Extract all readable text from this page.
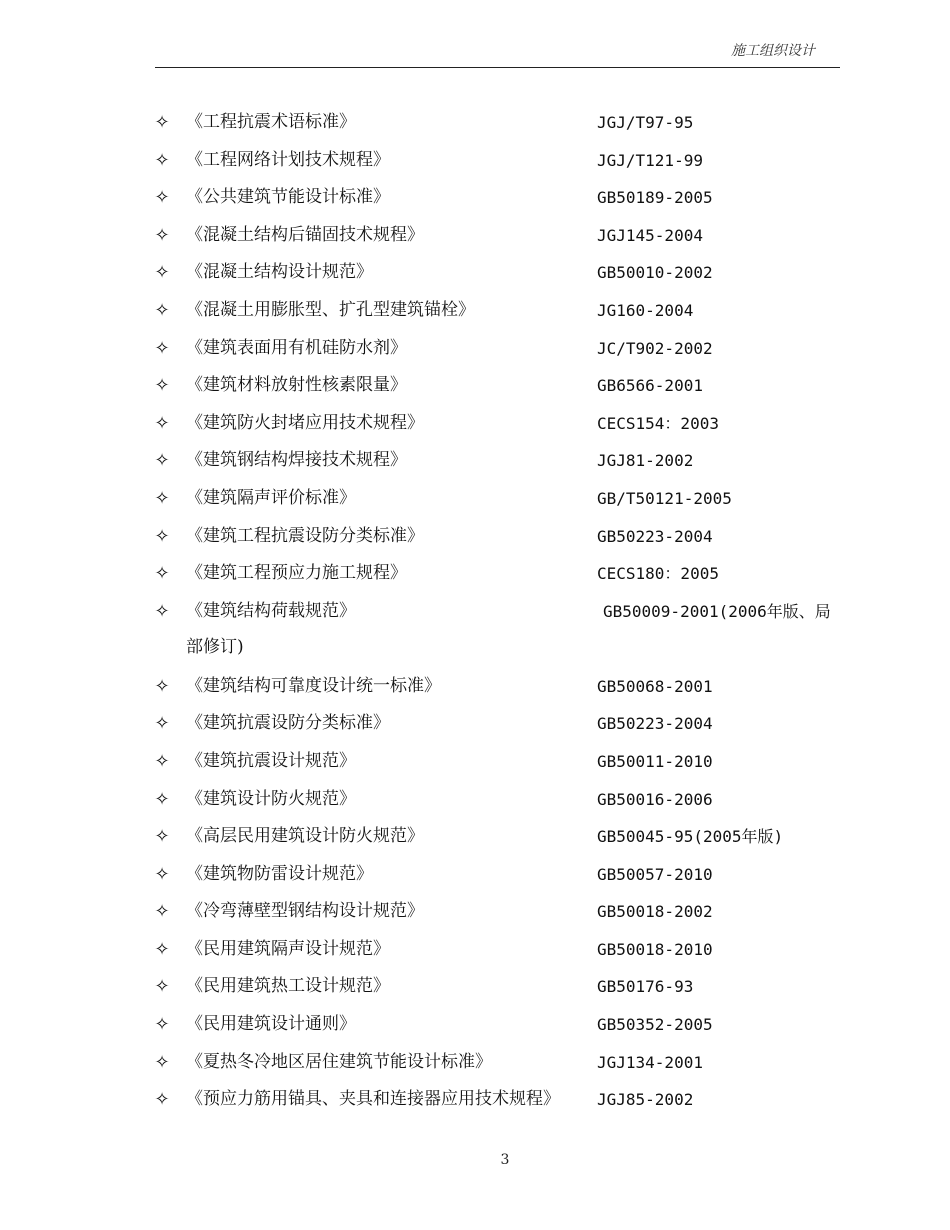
施工组织设计
✧ 《工程抗震术语标准》	JGJ/T97-95
✧ 《工程网络计划技术规程》	JGJ/T121-99
✧ 《公共建筑节能设计标准》	GB50189-2005
✧ 《混凝土结构后锚固技术规程》	JGJ145-2004
✧ 《混凝土结构设计规范》	GB50010-2002
✧ 《混凝土用膨胀型、扩孔型建筑锚栓》	JG160-2004
✧ 《建筑表面用有机硅防水剂》	JC/T902-2002
✧ 《建筑材料放射性核素限量》	GB6566-2001
✧ 《建筑防火封堵应用技术规程》	CECS154：2003
✧ 《建筑钢结构焊接技术规程》	JGJ81-2002
✧ 《建筑隔声评价标准》	GB/T50121-2005
✧ 《建筑工程抗震设防分类标准》	GB50223-2004
✧ 《建筑工程预应力施工规程》	CECS180：2005
✧ 《建筑结构荷载规范》	GB50009-2001(2006年版、局
部修订)
✧ 《建筑结构可靠度设计统一标准》	GB50068-2001
✧ 《建筑抗震设防分类标准》	GB50223-2004
✧ 《建筑抗震设计规范》	GB50011-2010
✧ 《建筑设计防火规范》	GB50016-2006
✧ 《高层民用建筑设计防火规范》	GB50045-95(2005年版)
✧ 《建筑物防雷设计规范》	GB50057-2010
✧ 《冷弯薄壁型钢结构设计规范》	GB50018-2002
✧ 《民用建筑隔声设计规范》	GB50018-2010
✧ 《民用建筑热工设计规范》	GB50176-93
✧ 《民用建筑设计通则》	GB50352-2005
✧ 《夏热冬冷地区居住建筑节能设计标准》	JGJ134-2001
✧ 《预应力筋用锚具、夹具和连接器应用技术规程》 JGJ85-2002
3
